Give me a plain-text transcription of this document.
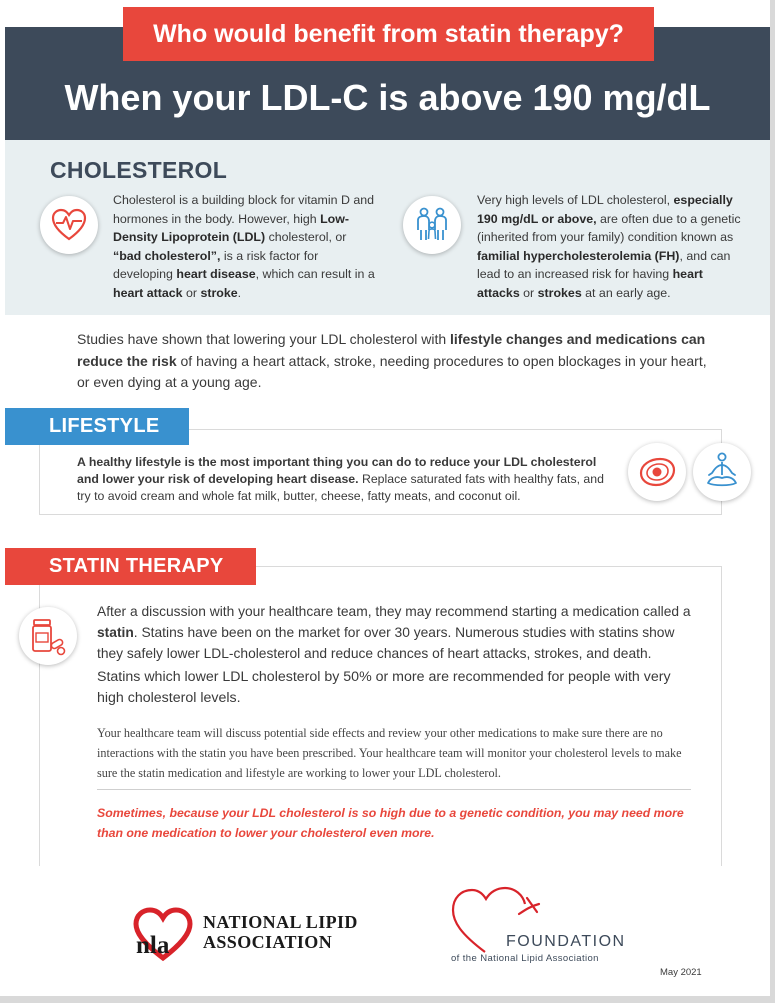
Who would benefit from statin therapy?
When your LDL-C is above 190 mg/dL
CHOLESTEROL
Cholesterol is a building block for vitamin D and hormones in the body. However, high Low-Density Lipoprotein (LDL) cholesterol, or “bad cholesterol”, is a risk factor for developing heart disease, which can result in a heart attack or stroke.
Very high levels of LDL cholesterol, especially 190 mg/dL or above, are often due to a genetic (inherited from your family) condition known as familial hypercholesterolemia (FH), and can lead to an increased risk for having heart attacks or strokes at an early age.
Studies have shown that lowering your LDL cholesterol with lifestyle changes and medications can reduce the risk of having a heart attack, stroke, needing procedures to open blockages in your heart, or even dying at a young age.
LIFESTYLE
A healthy lifestyle is the most important thing you can do to reduce your LDL cholesterol and lower your risk of developing heart disease. Replace saturated fats with healthy fats, and try to avoid cream and whole fat milk, butter, cheese, fatty meats, and coconut oil.
STATIN THERAPY
After a discussion with your healthcare team, they may recommend starting a medication called a statin. Statins have been on the market for over 30 years. Numerous studies with statins show they safely lower LDL-cholesterol and reduce chances of heart attacks, strokes, and death.
Statins which lower LDL cholesterol by 50% or more are recommended for people with very high cholesterol levels.
Your healthcare team will discuss potential side effects and review your other medications to make sure there are no interactions with the statin you have been prescribed. Your healthcare team will monitor your cholesterol levels to make sure the statin medication and lifestyle are working to lower your LDL cholesterol.
Sometimes, because your LDL cholesterol is so high due to a genetic condition, you may need more than one medication to lower your cholesterol even more.
nla
NATIONAL LIPID
ASSOCIATION	FOUNDATION
of the National Lipid Association
May 2021
